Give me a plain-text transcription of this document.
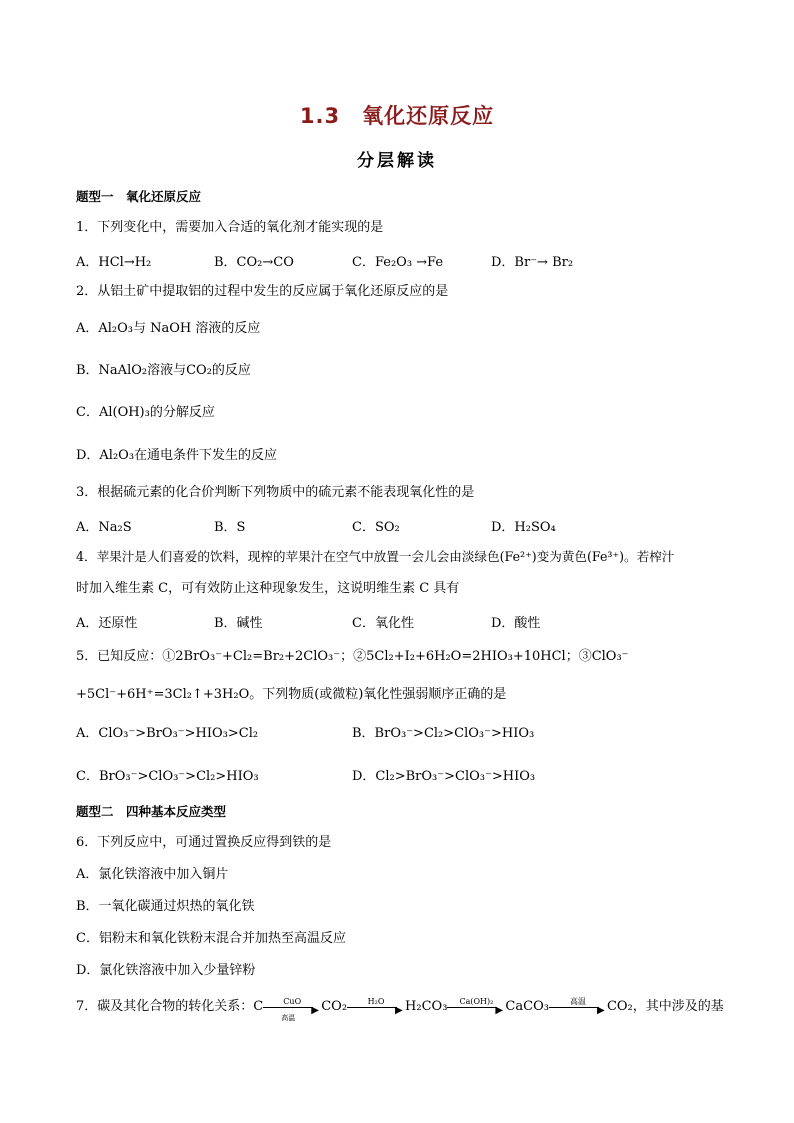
1.3 氧化还原反应
分层解读
题型一　氧化还原反应
1．下列变化中，需要加入合适的氧化剂才能实现的是
A．HCl→H₂	B．CO₂→CO	C．Fe₂O₃ →Fe	D．Br⁻→ Br₂
2．从铝土矿中提取铝的过程中发生的反应属于氧化还原反应的是
A．Al₂O₃与 NaOH 溶液的反应
B．NaAlO₂溶液与CO₂的反应
C．Al(OH)₃的分解反应
D．Al₂O₃在通电条件下发生的反应
3．根据硫元素的化合价判断下列物质中的硫元素不能表现氧化性的是
A．Na₂S	B．S	C．SO₂	D．H₂SO₄
4．苹果汁是人们喜爱的饮料，现榨的苹果汁在空气中放置一会儿会由淡绿色(Fe²⁺)变为黄色(Fe³⁺)。若榨汁
时加入维生素 C，可有效防止这种现象发生，这说明维生素 C 具有
A．还原性	B．碱性	C．氧化性	D．酸性
5．已知反应：①2BrO₃⁻+Cl₂=Br₂+2ClO₃⁻；②5Cl₂+I₂+6H₂O=2HIO₃+10HCl；③ClO₃⁻
+5Cl⁻+6H⁺=3Cl₂↑+3H₂O。下列物质(或微粒)氧化性强弱顺序正确的是
A．ClO₃⁻>BrO₃⁻>HIO₃>Cl₂	B．BrO₃⁻>Cl₂>ClO₃⁻>HIO₃
C．BrO₃⁻>ClO₃⁻>Cl₂>HIO₃	D．Cl₂>BrO₃⁻>ClO₃⁻>HIO₃
题型二　四种基本反应类型
6．下列反应中，可通过置换反应得到铁的是
A．氯化铁溶液中加入铜片
B．一氧化碳通过炽热的氧化铁
C．铝粉末和氧化铁粉末混合并加热至高温反应
D．氯化铁溶液中加入少量锌粉
7．碳及其化合物的转化关系：C	CuO
▶
高温
CO₂	H₂O
▶ H₂CO₃	Ca(OH)₂
▶ CaCO₃	高温
▶ CO₂，其中涉及的基
